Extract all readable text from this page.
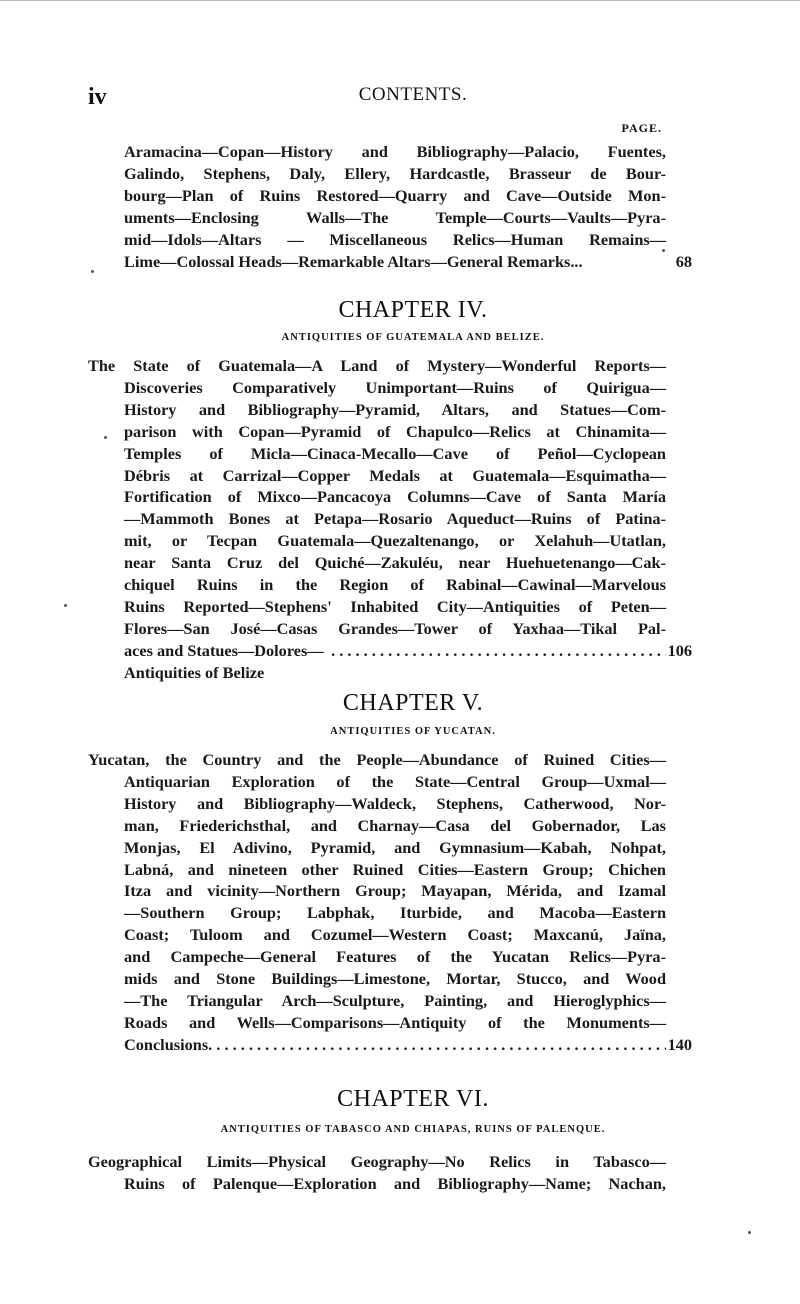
iv	CONTENTS.
PAGE.
Aramacina—Copan—History and Bibliography—Palacio, Fuentes,
Galindo, Stephens, Daly, Ellery, Hardcastle, Brasseur de Bour-
bourg—Plan of Ruins Restored—Quarry and Cave—Outside Mon-
uments—Enclosing Walls—The Temple—Courts—Vaults—Pyra-
mid—Idols—Altars — Miscellaneous Relics—Human Remains—
Lime—Colossal Heads—Remarkable Altars—General Remarks...	68
CHAPTER IV.
ANTIQUITIES OF GUATEMALA AND BELIZE.
The State of Guatemala—A Land of Mystery—Wonderful Reports—
Discoveries Comparatively Unimportant—Ruins of Quirigua—
History and Bibliography—Pyramid, Altars, and Statues—Com-
parison with Copan—Pyramid of Chapulco—Relics at Chinamita—
Temples of Micla—Cinaca-Mecallo—Cave of Peñol—Cyclopean
Débris at Carrizal—Copper Medals at Guatemala—Esquimatha—
Fortification of Mixco—Pancacoya Columns—Cave of Santa María
—Mammoth Bones at Petapa—Rosario Aqueduct—Ruins of Patina-
mit, or Tecpan Guatemala—Quezaltenango, or Xelahuh—Utatlan,
near Santa Cruz del Quiché—Zakuléu, near Huehuetenango—Cak-
chiquel Ruins in the Region of Rabinal—Cawinal—Marvelous
Ruins Reported—Stephens' Inhabited City—Antiquities of Peten—
Flores—San José—Casas Grandes—Tower of Yaxhaa—Tikal Pal-
aces and Statues—Dolores—Antiquities of Belize
. . .
106
CHAPTER V.
ANTIQUITIES OF YUCATAN.
Yucatan, the Country and the People—Abundance of Ruined Cities—
Antiquarian Exploration of the State—Central Group—Uxmal—
History and Bibliography—Waldeck, Stephens, Catherwood, Nor-
man, Friederichsthal, and Charnay—Casa del Gobernador, Las
Monjas, El Adivino, Pyramid, and Gymnasium—Kabah, Nohpat,
Labná, and nineteen other Ruined Cities—Eastern Group; Chichen
Itza and vicinity—Northern Group; Mayapan, Mérida, and Izamal
—Southern Group; Labphak, Iturbide, and Macoba—Eastern
Coast; Tuloom and Cozumel—Western Coast; Maxcanú, Jaïna,
and Campeche—General Features of the Yucatan Relics—Pyra-
mids and Stone Buildings—Limestone, Mortar, Stucco, and Wood
—The Triangular Arch—Sculpture, Painting, and Hieroglyphics—
Roads and Wells—Comparisons—Antiquity of the Monuments—
Conclusions
. . .	140
CHAPTER VI.
ANTIQUITIES OF TABASCO AND CHIAPAS, RUINS OF PALENQUE.
Geographical Limits—Physical Geography—No Relics in Tabasco—
Ruins of Palenque—Exploration and Bibliography—Name; Nachan,
